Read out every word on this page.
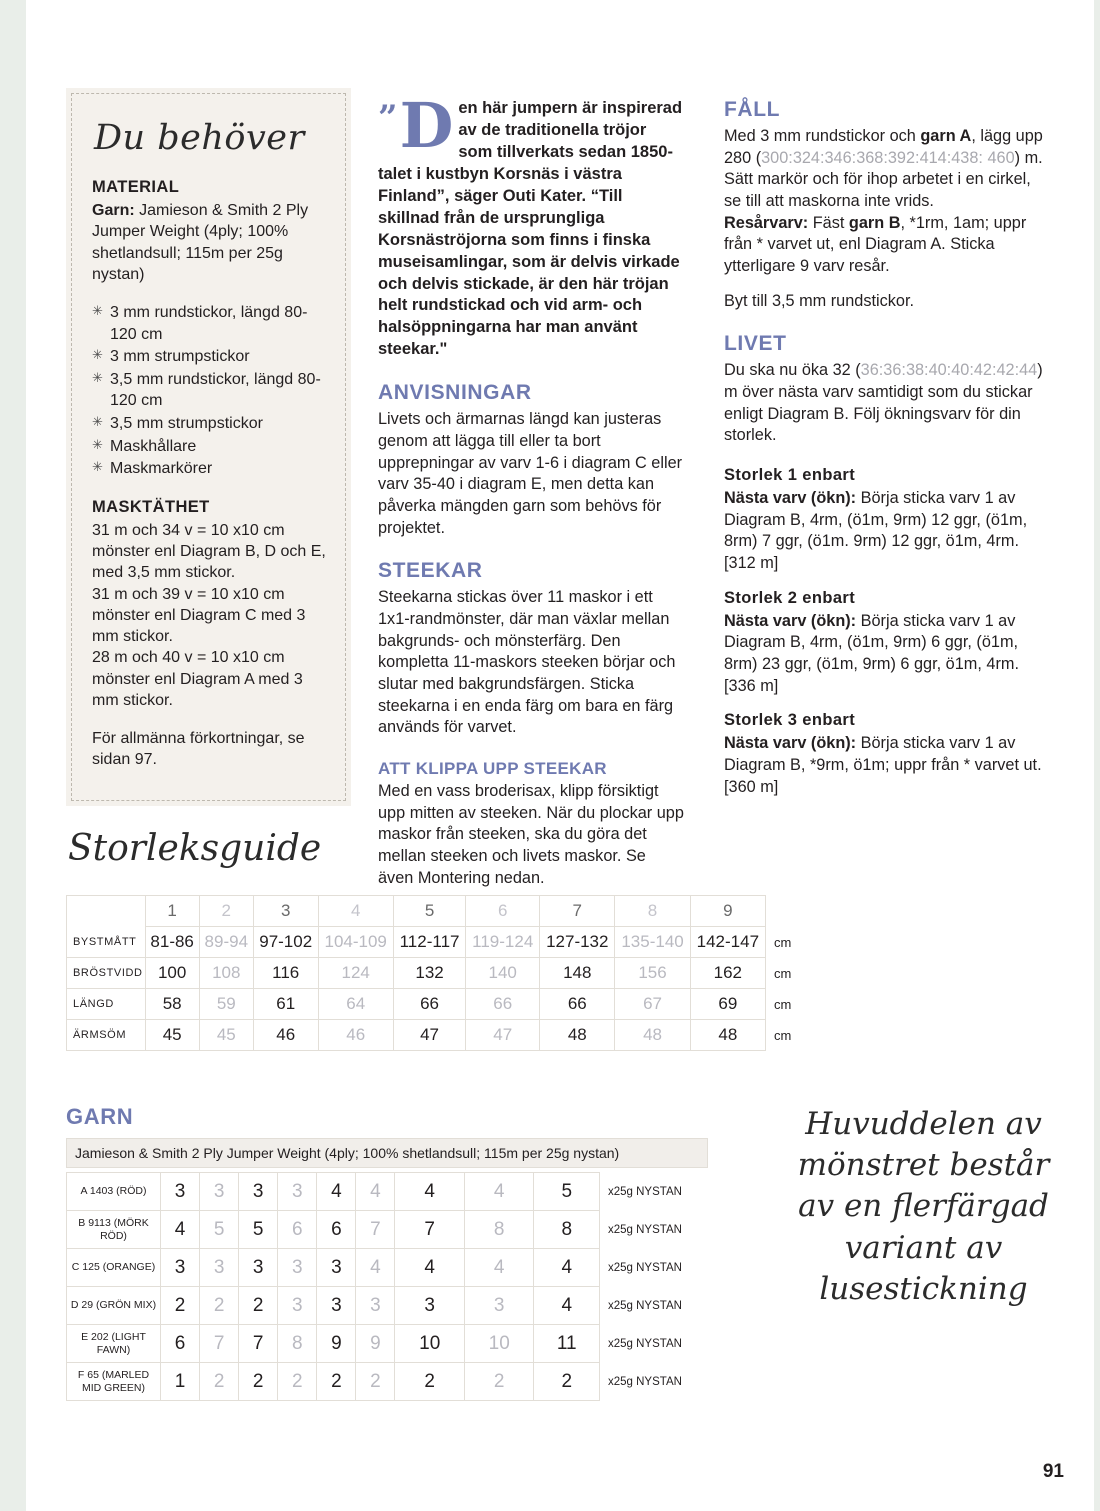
Du behöver
MATERIAL

Garn: Jamieson & Smith 2 Ply Jumper Weight (4ply; 100% shetlandsull; 115m per 25g nystan)

✳ 3 mm rundstickor, längd 80-120 cm
✳ 3 mm strumpstickor
✳ 3,5 mm rundstickor, längd 80-120 cm
✳ 3,5 mm strumpstickor
✳ Maskhållare
✳ Maskmarkörer
MASKTÄTHET

31 m och 34 v = 10 x10 cm mönster enl Diagram B, D och E, med 3,5 mm stickor.

31 m och 39 v = 10 x10 cm mönster enl Diagram C med 3 mm stickor.

28 m och 40 v = 10 x10 cm mönster enl Diagram A med 3 mm stickor.

För allmänna förkortningar, se sidan 97.

” D en här jumpern är inspirerad av de traditionella tröjor som tillverkats sedan 1850-talet i kustbyn Korsnäs i västra Finland”, säger Outi Kater. “Till skillnad från de ursprungliga Korsnäströjorna som finns i finska museisamlingar, som är delvis virkade och delvis stickade, är den här tröjan helt rundstickad och vid arm- och halsöppningarna har man använt steekar."

ANVISNINGAR

Livets och ärmarnas längd kan justeras genom att lägga till eller ta bort upprepningar av varv 1-6 i diagram C eller varv 35-40 i diagram E, men detta kan påverka mängden garn som behövs för projektet.

STEEKAR

Steekarna stickas över 11 maskor i ett 1x1-randmönster, där man växlar mellan bakgrunds- och mönsterfärg. Den kompletta 11-maskors steeken börjar och slutar med bakgrundsfärgen. Sticka steekarna i en enda färg om bara en färg används för varvet.

ATT KLIPPA UPP STEEKAR

Med en vass broderisax, klipp försiktigt upp mitten av steeken. När du plockar upp maskor från steeken, ska du göra det mellan steeken och livets maskor. Se även Montering nedan.

FÅLL

Med 3 mm rundstickor och garn A, lägg upp 280 (300:324:346:368:392:414:438: 460) m.

Sätt markör och för ihop arbetet i en cirkel, se till att maskorna inte vrids.

Resårvarv: Fäst garn B, *1rm, 1am; uppr från * varvet ut, enl Diagram A. Sticka ytterligare 9 varv resår.

Byt till 3,5 mm rundstickor.

LIVET

Du ska nu öka 32 (36:36:38:40:40:42:42:44) m över nästa varv samtidigt som du stickar enligt Diagram B. Följ ökningsvarv för din storlek.

Storlek 1 enbart

Nästa varv (ökn): Börja sticka varv 1 av Diagram B, 4rm, (ö1m, 9rm) 12 ggr, (ö1m, 8rm) 7 ggr, (ö1m. 9rm) 12 ggr, ö1m, 4rm.

[312 m]

Storlek 2 enbart

Nästa varv (ökn): Börja sticka varv 1 av Diagram B, 4rm, (ö1m, 9rm) 6 ggr, (ö1m, 8rm) 23 ggr, (ö1m, 9rm) 6 ggr, ö1m, 4rm.

[336 m]

Storlek 3 enbart

Nästa varv (ökn): Börja sticka varv 1 av Diagram B, *9rm, ö1m; uppr från * varvet ut.

[360 m]

Storleksguide
	1	2	3	4	5	6	7	8	9	
BYSTMÅTT	81-86	89-94	97-102	104-109	112-117	119-124	127-132	135-140	142-147	cm
BRÖSTVIDD	100	108	116	124	132	140	148	156	162	cm
LÄNGD	58	59	61	64	66	66	66	67	69	cm
ÄRMSÖM	45	45	46	46	47	47	48	48	48	cm
GARN
Jamieson & Smith 2 Ply Jumper Weight (4ply; 100% shetlandsull; 115m per 25g nystan)
A 1403 (RÖD)	3	3	3	3	4	4	4	4	5	x25g NYSTAN
B 9113 (MÖRK RÖD)	4	5	5	6	6	7	7	8	8	x25g NYSTAN
C 125 (ORANGE)	3	3	3	3	3	4	4	4	4	x25g NYSTAN
D 29 (GRÖN MIX)	2	2	2	3	3	3	3	3	4	x25g NYSTAN
E 202 (LIGHT FAWN)	6	7	7	8	9	9	10	10	11	x25g NYSTAN
F 65 (MARLED MID GREEN)	1	2	2	2	2	2	2	2	2	x25g NYSTAN
Huvuddelen av mönstret består av en flerfärgad variant av lusestickning
91
